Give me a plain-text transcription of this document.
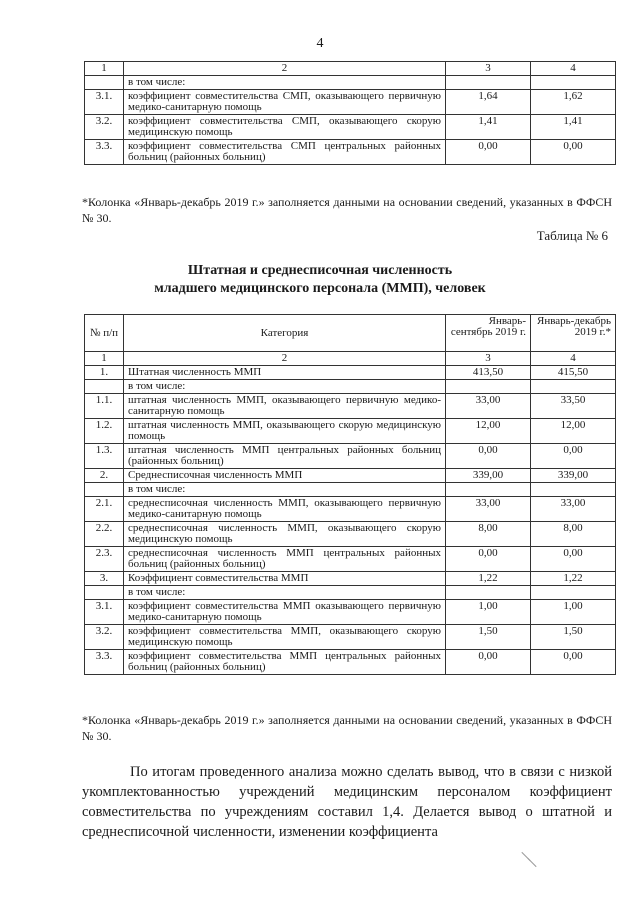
4
1	2	3	4
	в том числе:		
3.1.	коэффициент совместительства СМП, оказывающего первичную медико-санитарную помощь	1,64	1,62
3.2.	коэффициент совместительства СМП, оказывающего скорую медицинскую помощь	1,41	1,41
3.3.	коэффициент совместительства СМП центральных районных больниц (районных больниц)	0,00	0,00
*Колонка «Январь-декабрь 2019 г.» заполняется данными на основании сведений, указанных в ФФСН № 30.
Таблица № 6
Штатная и среднесписочная численность
младшего медицинского персонала (ММП), человек
№ п/п	Категория	Январь-сентябрь 2019 г.	Январь-декабрь 2019 г.*
1	2	3	4
1.	Штатная численность ММП	413,50	415,50
	в том числе:		
1.1.	штатная численность ММП, оказывающего первичную медико-санитарную помощь	33,00	33,50
1.2.	штатная численность ММП, оказывающего скорую медицинскую помощь	12,00	12,00
1.3.	штатная численность ММП центральных районных больниц (районных больниц)	0,00	0,00
2.	Среднесписочная численность ММП	339,00	339,00
	в том числе:		
2.1.	среднесписочная численность ММП, оказывающего первичную медико-санитарную помощь	33,00	33,00
2.2.	среднесписочная численность ММП, оказывающего скорую медицинскую помощь	8,00	8,00
2.3.	среднесписочная численность ММП центральных районных больниц (районных больниц)	0,00	0,00
3.	Коэффициент совместительства ММП	1,22	1,22
	в том числе:		
3.1.	коэффициент совместительства ММП оказывающего первичную медико-санитарную помощь	1,00	1,00
3.2.	коэффициент совместительства ММП, оказывающего скорую медицинскую помощь	1,50	1,50
3.3.	коэффициент совместительства ММП центральных районных больниц (районных больниц)	0,00	0,00
*Колонка «Январь-декабрь 2019 г.» заполняется данными на основании сведений, указанных в ФФСН № 30.

По итогам проведенного анализа можно сделать вывод, что в связи с низкой укомплектованностью учреждений медицинским персоналом коэффициент совместительства по учреждениям составил 1,4. Делается вывод о штатной и среднесписочной численности, изменении коэффициента
